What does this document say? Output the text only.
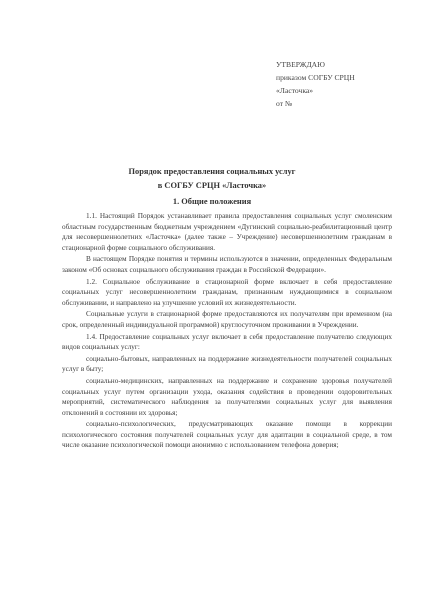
УТВЕРЖДАЮ
приказом СОГБУ СРЦН
«Ласточка»
от №
Порядок предоставления социальных услуг
в СОГБУ СРЦН «Ласточка»
1. Общие положения

1.1. Настоящий Порядок устанавливает правила предоставления социальных услуг смоленским областным государственным бюджетным учреждением «Дугинский социально-реабилитационный центр для несовершеннолетних «Ласточка» (далее также – Учреждение) несовершеннолетним гражданам в стационарной форме социального обслуживания.

В настоящем Порядке понятия и термины используются в значении, определенных Федеральным законом «Об основах социального обслуживания граждан в Российской Федерации».

1.2. Социальное обслуживание в стационарной форме включает в себя предоставление социальных услуг несовершеннолетним гражданам, признанным нуждающимися в социальном обслуживании, и направлено на улучшение условий их жизнедеятельности.

Социальные услуги в стационарной форме предоставляются их получателям при временном (на срок, определенный индивидуальной программой) круглосуточном проживании в Учреждении.

1.4. Предоставление социальных услуг включает в себя предоставление получателю следующих видов социальных услуг:

социально-бытовых, направленных на поддержание жизнедеятельности получателей социальных услуг в быту;

социально-медицинских, направленных на поддержание и сохранение здоровья получателей социальных услуг путем организации ухода, оказания содействия в проведении оздоровительных мероприятий, систематического наблюдения за получателями социальных услуг для выявления отклонений в состоянии их здоровья;

социально-психологических, предусматривающих оказание помощи в коррекции психологического состояния получателей социальных услуг для адаптации в социальной среде, в том числе оказание психологической помощи анонимно с использованием телефона доверия;
